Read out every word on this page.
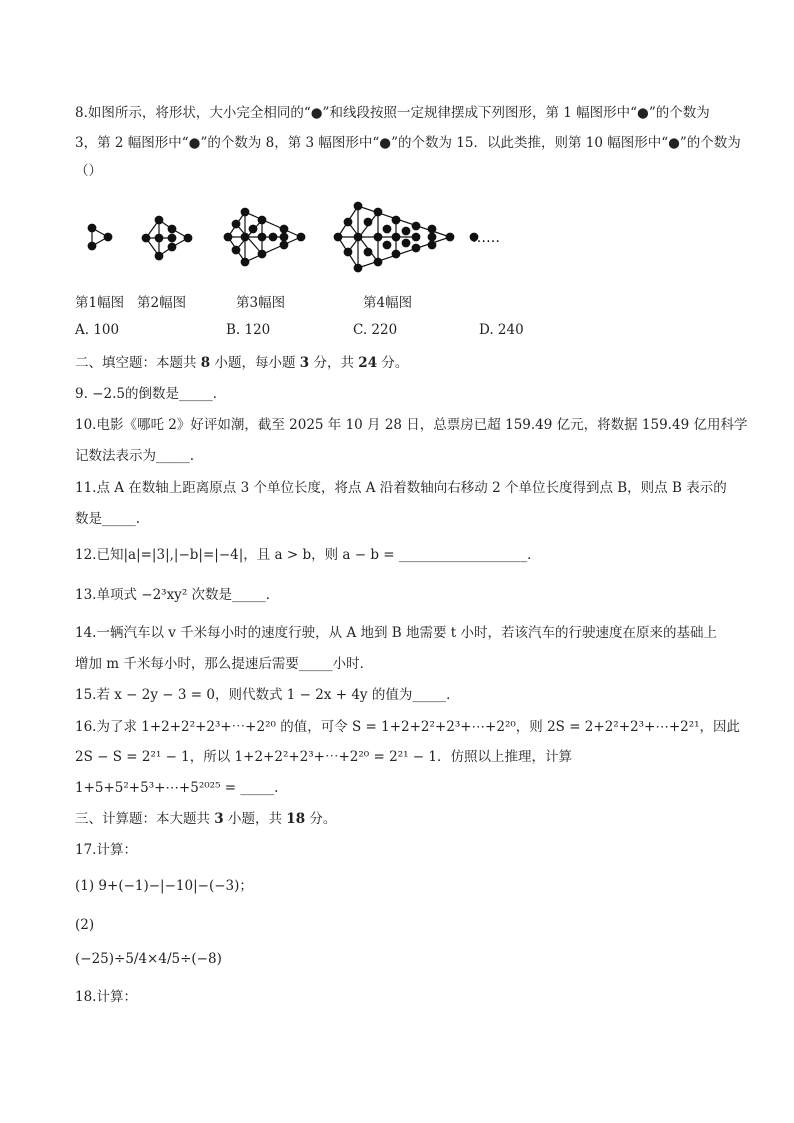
8.如图所示，将形状，大小完全相同的“●”和线段按照一定规律摆成下列图形，第 1 幅图形中“●”的个数为
3，第 2 幅图形中“●”的个数为 8，第 3 幅图形中“●”的个数为 15．以此类推，则第 10 幅图形中“●”的个数为
（）
……
第1幅图 第2幅图	第3幅图	第4幅图
A. 100	B. 120	C. 220	D. 240
二、填空题：本题共 8 小题，每小题 3 分，共 24 分。
9. −2.5的倒数是_____．
10.电影《哪吒 2》好评如潮，截至 2025 年 10 月 28 日，总票房已超 159.49 亿元，将数据 159.49 亿用科学
记数法表示为_____.
11.点 A 在数轴上距离原点 3 个单位长度，将点 A 沿着数轴向右移动 2 个单位长度得到点 B，则点 B 表示的
数是_____.
12.已知|a|=|3|,|−b|=|−4|，且 a > b，则 a − b = ___________________．
13.单项式 −2³xy² 次数是_____．
14.一辆汽车以 v 千米每小时的速度行驶，从 A 地到 B 地需要 t 小时，若该汽车的行驶速度在原来的基础上
增加 m 千米每小时，那么提速后需要_____小时．
15.若 x − 2y − 3 = 0，则代数式 1 − 2x + 4y 的值为_____．
16.为了求 1+2+2²+2³+⋯+2²⁰ 的值，可令 S = 1+2+2²+2³+⋯+2²⁰，则 2S = 2+2²+2³+⋯+2²¹，因此
2S − S = 2²¹ − 1，所以 1+2+2²+2³+⋯+2²⁰ = 2²¹ − 1．仿照以上推理，计算
1+5+5²+5³+⋯+5²⁰²⁵ = _____.
三、计算题：本大题共 3 小题，共 18 分。
17.计算：
(1) 9+(−1)−|−10|−(−3)；
(2)
(−25)÷5/4×4/5÷(−8)
18.计算：
